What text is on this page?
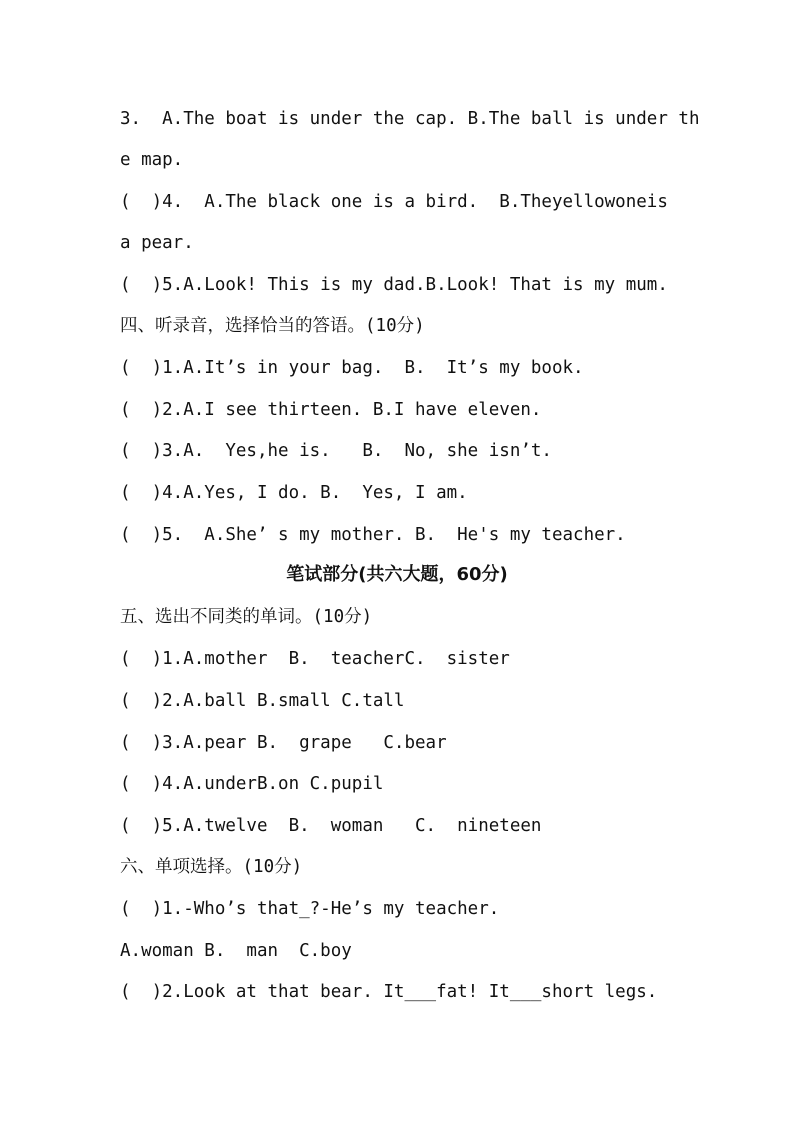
3.  A.The boat is under the cap. B.The ball is under th
e map.
(  )4.  A.The black one is a bird.  B.Theyellowoneis
a pear.
(  )5.A.Look! This is my dad.B.Look! That is my mum.
四、听录音，选择恰当的答语。(10分)
(  )1.A.It’s in your bag.  B.  It’s my book.
(  )2.A.I see thirteen. B.I have eleven.
(  )3.A.  Yes,he is.   B.  No, she isn’t.
(  )4.A.Yes, I do. B.  Yes, I am.
(  )5.  A.She’ s my mother. B.  He's my teacher.
笔试部分(共六大题，60分)
五、选出不同类的单词。(10分)
(  )1.A.mother  B.  teacherC.  sister
(  )2.A.ball B.small C.tall
(  )3.A.pear B.  grape   C.bear
(  )4.A.underB.on C.pupil
(  )5.A.twelve  B.  woman   C.  nineteen
六、单项选择。(10分)
(  )1.-Who’s that_?-He’s my teacher.
A.woman B.  man  C.boy
(  )2.Look at that bear. It___fat! It___short legs.
